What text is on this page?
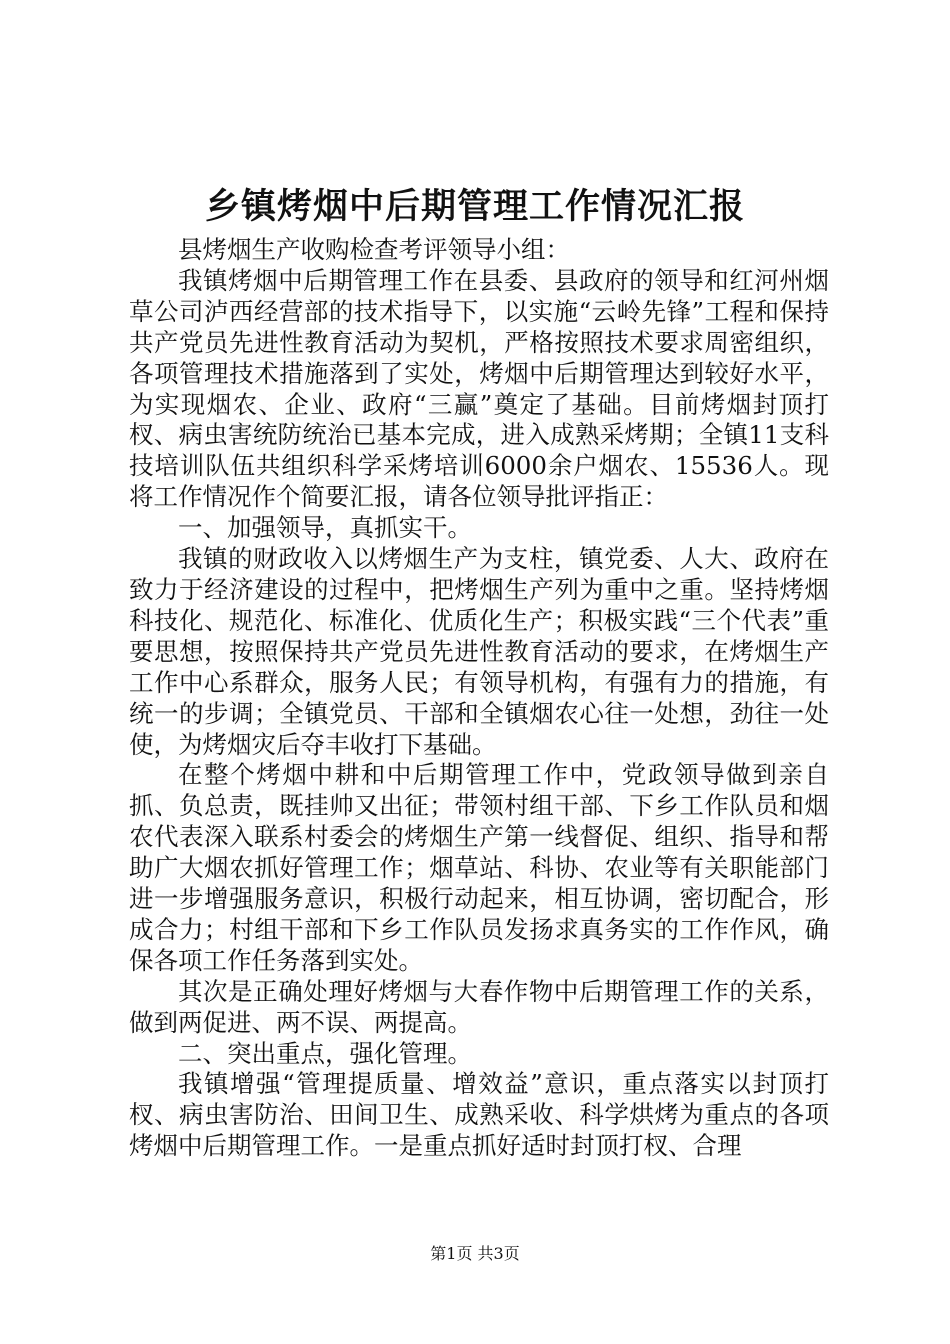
乡镇烤烟中后期管理工作情况汇报

县烤烟生产收购检查考评领导小组：

我镇烤烟中后期管理工作在县委、县政府的领导和红河州烟草公司泸西经营部的技术指导下，以实施“云岭先锋”工程和保持共产党员先进性教育活动为契机，严格按照技术要求周密组织，各项管理技术措施落到了实处，烤烟中后期管理达到较好水平，为实现烟农、企业、政府“三赢”奠定了基础。目前烤烟封顶打杈、病虫害统防统治已基本完成，进入成熟采烤期；全镇11支科技培训队伍共组织科学采烤培训6000余户烟农、15536人。现将工作情况作个简要汇报，请各位领导批评指正：

一、加强领导，真抓实干。

我镇的财政收入以烤烟生产为支柱，镇党委、人大、政府在致力于经济建设的过程中，把烤烟生产列为重中之重。坚持烤烟科技化、规范化、标准化、优质化生产；积极实践“三个代表”重要思想，按照保持共产党员先进性教育活动的要求，在烤烟生产工作中心系群众，服务人民；有领导机构，有强有力的措施，有统一的步调；全镇党员、干部和全镇烟农心往一处想，劲往一处使，为烤烟灾后夺丰收打下基础。

在整个烤烟中耕和中后期管理工作中，党政领导做到亲自抓、负总责，既挂帅又出征；带领村组干部、下乡工作队员和烟农代表深入联系村委会的烤烟生产第一线督促、组织、指导和帮助广大烟农抓好管理工作；烟草站、科协、农业等有关职能部门进一步增强服务意识，积极行动起来，相互协调，密切配合，形成合力；村组干部和下乡工作队员发扬求真务实的工作作风，确保各项工作任务落到实处。

其次是正确处理好烤烟与大春作物中后期管理工作的关系，做到两促进、两不误、两提高。

二、突出重点，强化管理。

我镇增强“管理提质量、增效益”意识，重点落实以封顶打杈、病虫害防治、田间卫生、成熟采收、科学烘烤为重点的各项烤烟中后期管理工作。一是重点抓好适时封顶打杈、合理

第1页 共3页
